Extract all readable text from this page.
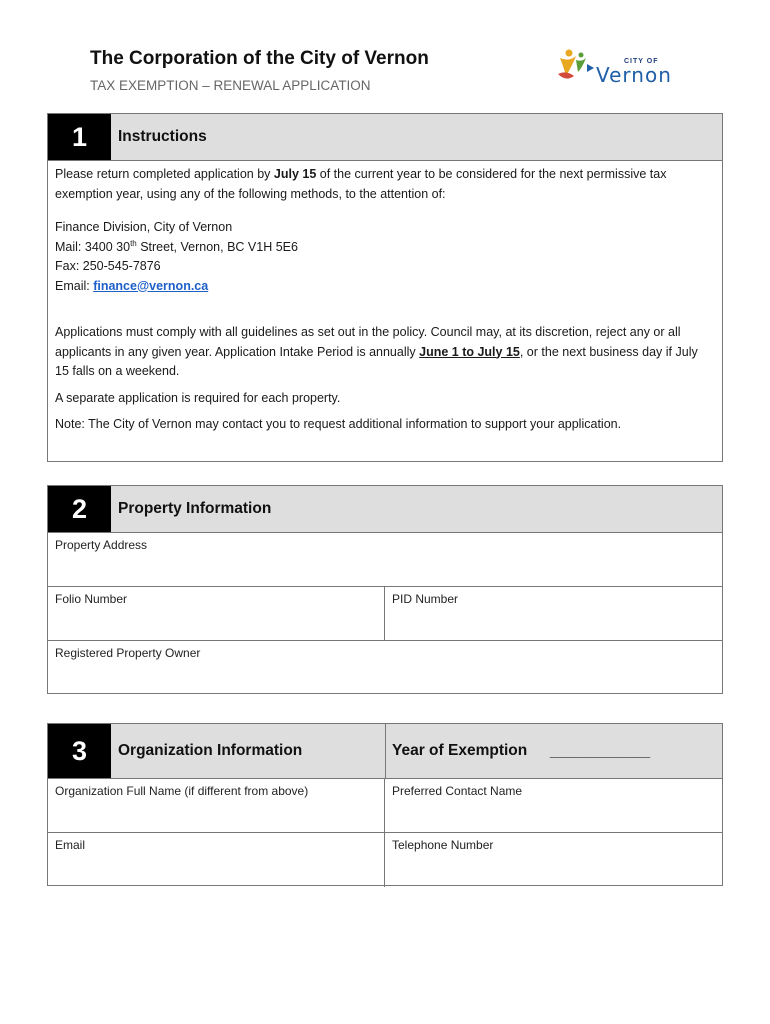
The Corporation of the City of Vernon
TAX EXEMPTION – RENEWAL APPLICATION
CITY OF
Vernon
1	Instructions

Please return completed application by July 15 of the current year to be considered for the next permissive tax exemption year, using any of the following methods, to the attention of:

Finance Division, City of Vernon

Mail: 3400 30th Street, Vernon, BC V1H 5E6

Fax: 250-545-7876

Email: finance@vernon.ca

Applications must comply with all guidelines as set out in the policy. Council may, at its discretion, reject any or all applicants in any given year. Application Intake Period is annually June 1 to July 15, or the next business day if July 15 falls on a weekend.

A separate application is required for each property.

Note: The City of Vernon may contact you to request additional information to support your application.

2	Property Information
Property Address
Folio Number	PID Number
Registered Property Owner
3	Organization Information	Year of Exemption ____________
Organization Full Name (if different from above)	Preferred Contact Name
Email	Telephone Number
